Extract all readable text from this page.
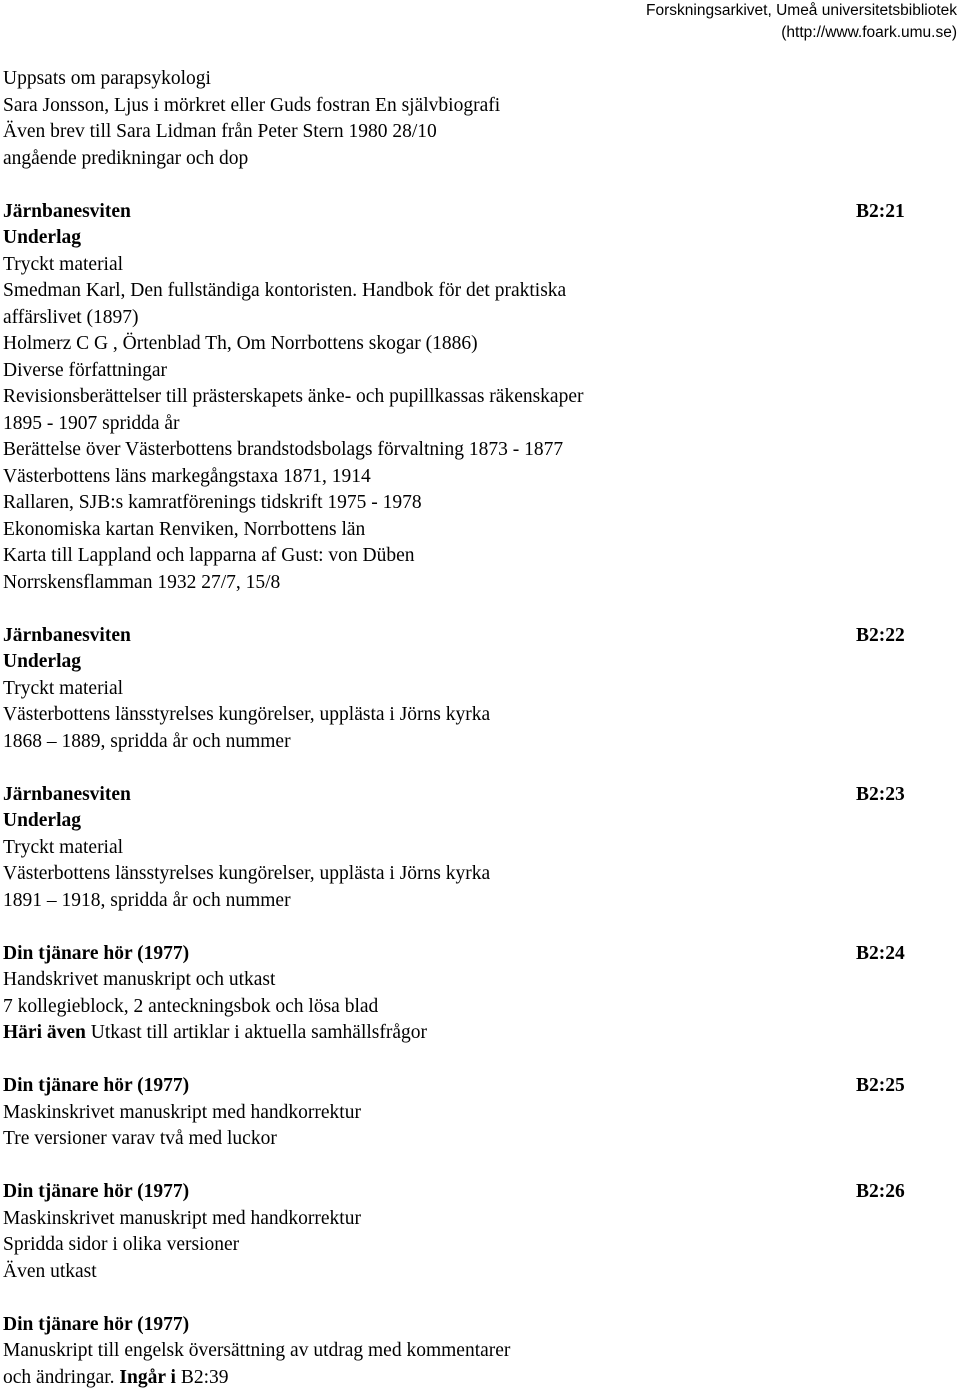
Forskningsarkivet, Umeå universitetsbibliotek
(http://www.foark.umu.se)
Uppsats om parapsykologi
Sara Jonsson, Ljus i mörkret eller Guds fostran En självbiografi
Även brev till Sara Lidman från Peter Stern 1980 28/10
angående predikningar och dop
Järnbanesviten	B2:21
Underlag
Tryckt material
Smedman Karl, Den fullständiga kontoristen. Handbok för det praktiska
affärslivet (1897)
Holmerz C G , Örtenblad Th, Om Norrbottens skogar (1886)
Diverse författningar
Revisionsberättelser till prästerskapets änke- och pupillkassas räkenskaper
1895 - 1907 spridda år
Berättelse över Västerbottens brandstodsbolags förvaltning 1873 - 1877
Västerbottens läns markegångstaxa 1871, 1914
Rallaren, SJB:s kamratförenings tidskrift 1975 - 1978
Ekonomiska kartan Renviken, Norrbottens län
Karta till Lappland och lapparna af Gust: von Düben
Norrskensflamman 1932 27/7, 15/8
Järnbanesviten	B2:22
Underlag
Tryckt material
Västerbottens länsstyrelses kungörelser, upplästa i Jörns kyrka
1868 – 1889, spridda år och nummer
Järnbanesviten	B2:23
Underlag
Tryckt material
Västerbottens länsstyrelses kungörelser, upplästa i Jörns kyrka
1891 – 1918, spridda år och nummer
Din tjänare hör (1977)	B2:24
Handskrivet manuskript och utkast
7 kollegieblock, 2 anteckningsbok och lösa blad
Häri även Utkast till artiklar i aktuella samhällsfrågor
Din tjänare hör (1977)	B2:25
Maskinskrivet manuskript med handkorrektur
Tre versioner varav två med luckor
Din tjänare hör (1977)	B2:26
Maskinskrivet manuskript med handkorrektur
Spridda sidor i olika versioner
Även utkast
Din tjänare hör (1977)
Manuskript till engelsk översättning av utdrag med kommentarer
och ändringar. Ingår i B2:39
